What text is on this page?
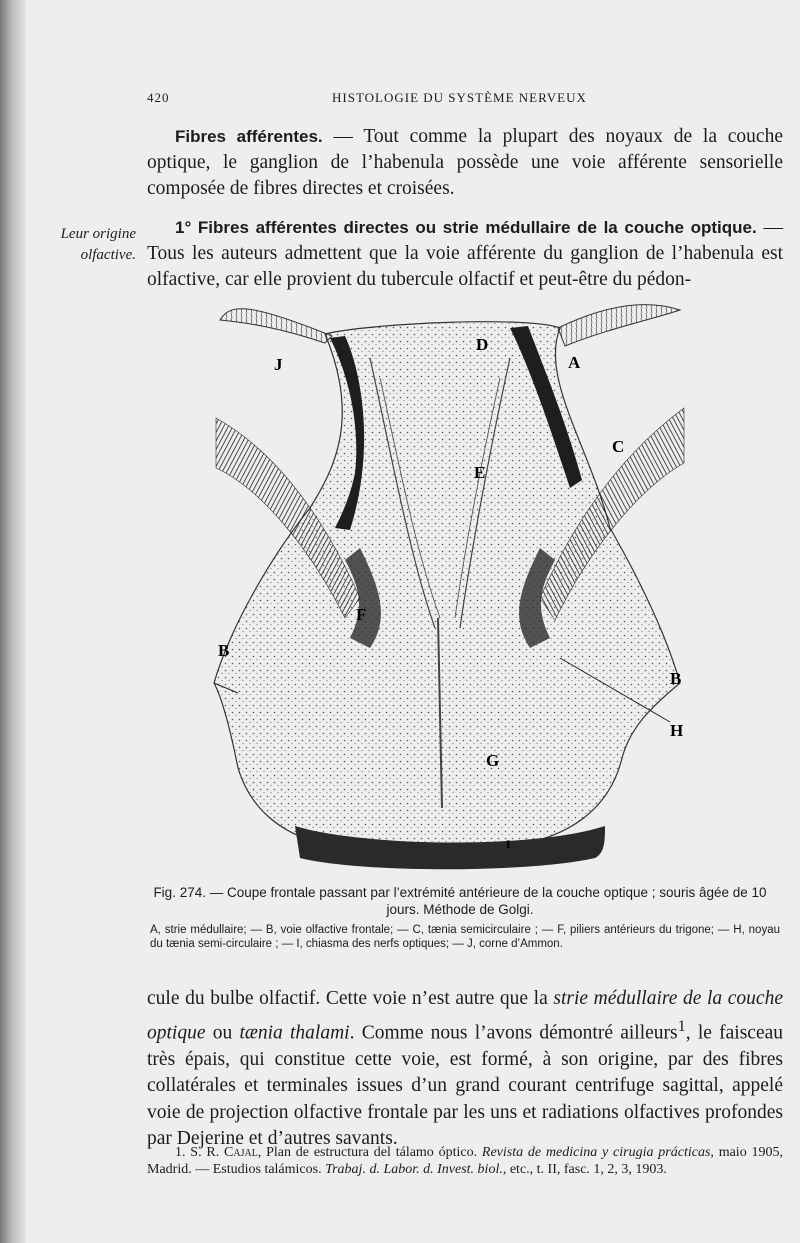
420	HISTOLOGIE DU SYSTÈME NERVEUX
Fibres afférentes. — Tout comme la plupart des noyaux de la couche optique, le ganglion de l’habenula possède une voie afférente sensorielle composée de fibres directes et croisées.
Leur origine
olfactive.
1° Fibres afférentes directes ou strie médullaire de la couche optique. — Tous les auteurs admettent que la voie afférente du ganglion de l’habenula est olfactive, car elle provient du tubercule olfactif et peut-être du pédon-
J
D
A
C
E
F
B
B
H
G
I
Fig. 274. — Coupe frontale passant par l’extrémité antérieure de la couche optique ; souris âgée de 10 jours. Méthode de Golgi.
A, strie médullaire; — B, voie olfactive frontale; — C, tænia semicirculaire ; — F, piliers antérieurs du trigone; — H, noyau du tænia semi-circulaire ; — I, chiasma des nerfs optiques; — J, corne d’Ammon.
cule du bulbe olfactif. Cette voie n’est autre que la strie médullaire de la couche optique ou tænia thalami. Comme nous l’avons démontré ailleurs$^1$, le faisceau très épais, qui constitue cette voie, est formé, à son origine, par des fibres collatérales et terminales issues d’un grand courant centrifuge sagittal, appelé voie de projection olfactive frontale par les uns et radiations olfactives profondes par Dejerine et d’autres savants.
1. S. R. Cajal, Plan de estructura del tálamo óptico. Revista de medicina y cirugia prácticas, maio 1905, Madrid. — Estudios talámicos. Trabaj. d. Labor. d. Invest. biol., etc., t. II, fasc. 1, 2, 3, 1903.
